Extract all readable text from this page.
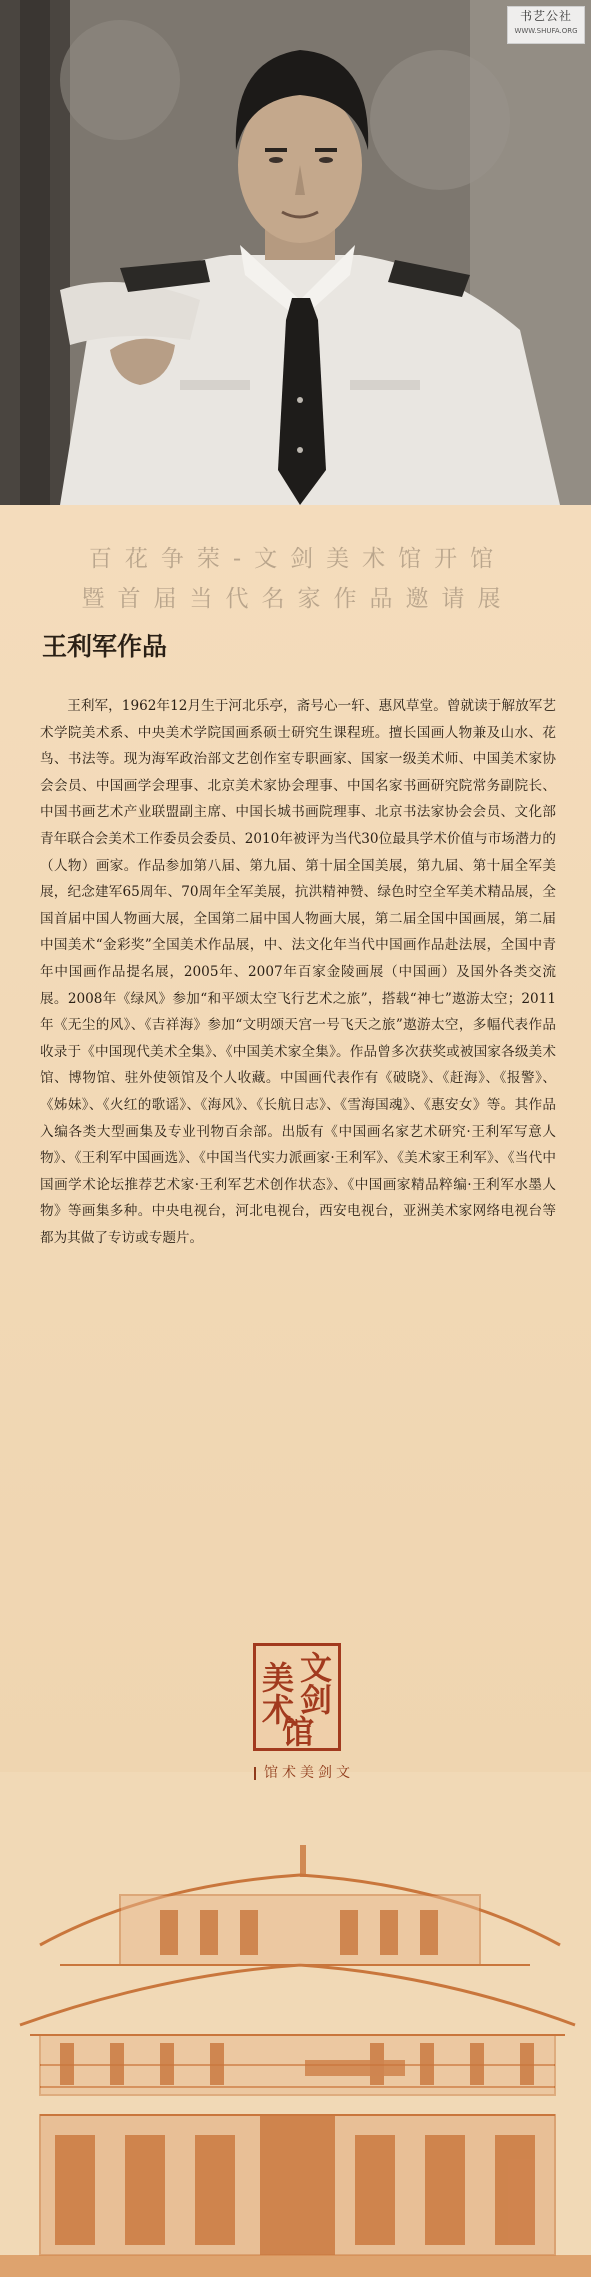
书艺公社
WWW.SHUFA.ORG
百花争荣-文剑美术馆开馆
暨首届当代名家作品邀请展
王利军作品
王利军，1962年12月生于河北乐亭，斋号心一轩、惠风草堂。曾就读于解放军艺术学院美术系、中央美术学院国画系硕士研究生课程班。擅长国画人物兼及山水、花鸟、书法等。现为海军政治部文艺创作室专职画家、国家一级美术师、中国美术家协会会员、中国画学会理事、北京美术家协会理事、中国名家书画研究院常务副院长、中国书画艺术产业联盟副主席、中国长城书画院理事、北京书法家协会会员、文化部青年联合会美术工作委员会委员、2010年被评为当代30位最具学术价值与市场潜力的（人物）画家。作品参加第八届、第九届、第十届全国美展，第九届、第十届全军美展，纪念建军65周年、70周年全军美展，抗洪精神赞、绿色时空全军美术精品展，全国首届中国人物画大展，全国第二届中国人物画大展，第二届全国中国画展，第二届中国美术“金彩奖”全国美术作品展，中、法文化年当代中国画作品赴法展，全国中青年中国画作品提名展，2005年、2007年百家金陵画展（中国画）及国外各类交流展。2008年《绿风》参加“和平颂太空飞行艺术之旅”，搭载“神七”遨游太空；2011年《无尘的风》、《吉祥海》参加“文明颂天宫一号飞天之旅”遨游太空，多幅代表作品收录于《中国现代美术全集》、《中国美术家全集》。作品曾多次获奖或被国家各级美术馆、博物馆、驻外使领馆及个人收藏。中国画代表作有《破晓》、《赶海》、《报警》、《姊妹》、《火红的歌谣》、《海风》、《长航日志》、《雪海国魂》、《惠安女》等。其作品入编各类大型画集及专业刊物百余部。出版有《中国画名家艺术研究·王利军写意人物》、《王利军中国画选》、《中国当代实力派画家·王利军》、《美术家王利军》、《当代中国画学术论坛推荐艺术家·王利军艺术创作状态》、《中国画家精品粹编·王利军水墨人物》等画集多种。中央电视台，河北电视台，西安电视台，亚洲美术家网络电视台等都为其做了专访或专题片。
文
剑
美
术
馆
馆术美剑文
